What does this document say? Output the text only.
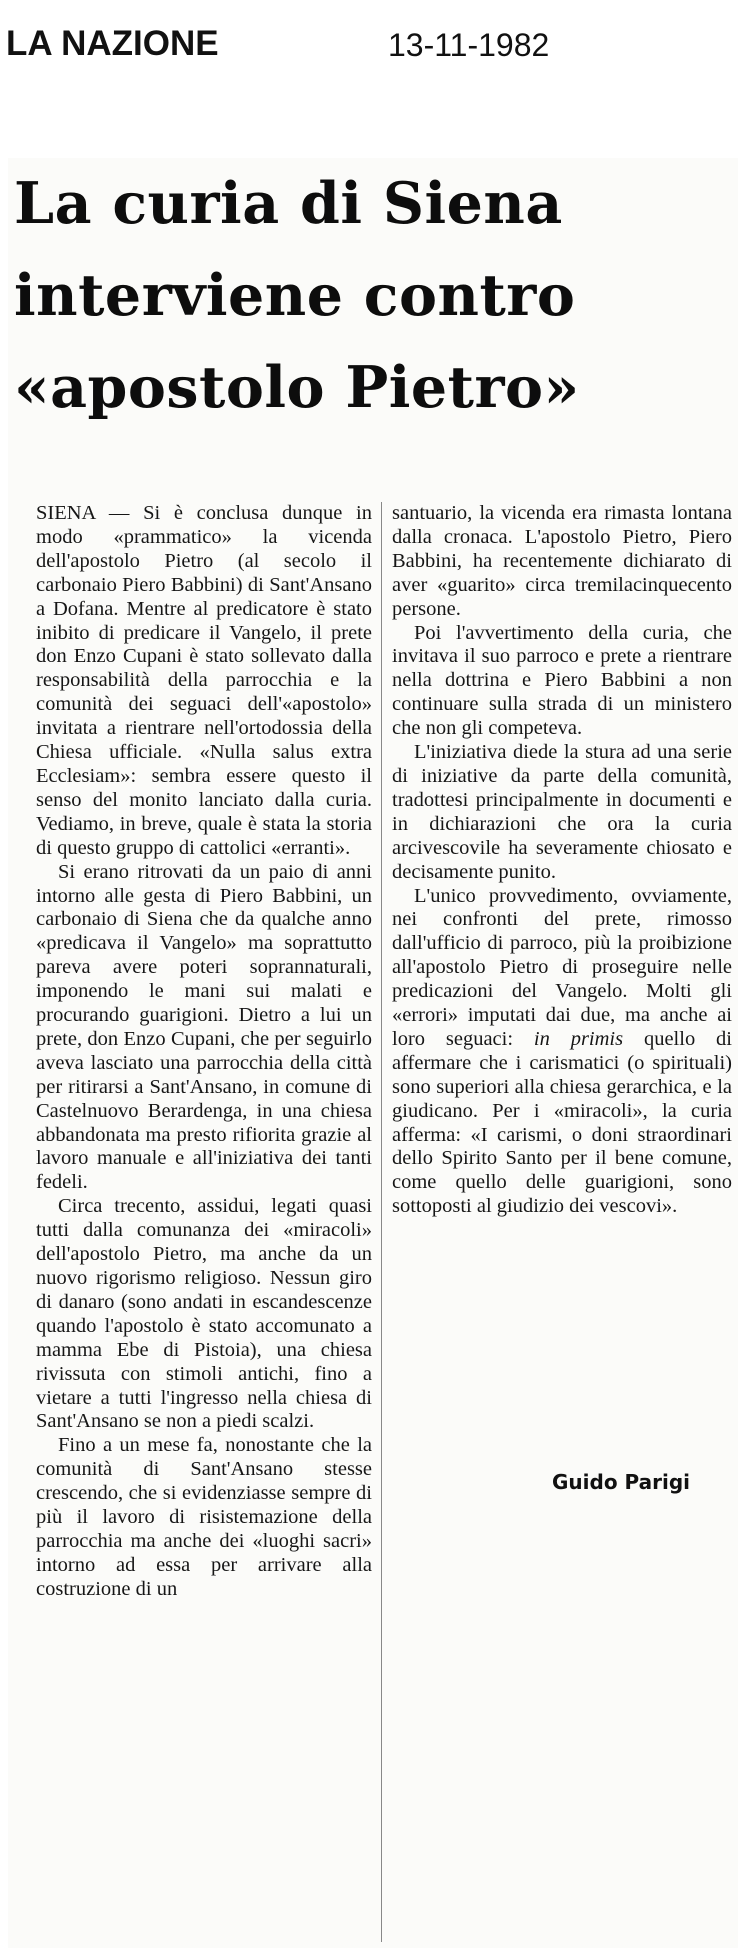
LA NAZIONE	13-11-1982
La curia di Siena
interviene contro
«apostolo Pietro»

SIENA — Si è conclusa dunque in modo «prammatico» la vicenda dell'apostolo Pietro (al secolo il carbonaio Piero Babbini) di Sant'Ansano a Dofana. Mentre al predicatore è stato inibito di predicare il Vangelo, il prete don Enzo Cupani è stato sollevato dalla responsabilità della parrocchia e la comunità dei seguaci dell'«apostolo» invitata a rientrare nell'ortodossia della Chiesa ufficiale. «Nulla salus extra Ecclesiam»: sembra essere questo il senso del monito lanciato dalla curia. Vediamo, in breve, quale è stata la storia di questo gruppo di cattolici «erranti».

Si erano ritrovati da un paio di anni intorno alle gesta di Piero Babbini, un carbonaio di Siena che da qualche anno «predicava il Vangelo» ma soprattutto pareva avere poteri soprannaturali, imponendo le mani sui malati e procurando guarigioni. Dietro a lui un prete, don Enzo Cupani, che per seguirlo aveva lasciato una parrocchia della città per ritirarsi a Sant'Ansano, in comune di Castelnuovo Berardenga, in una chiesa abbandonata ma presto rifiorita grazie al lavoro manuale e all'iniziativa dei tanti fedeli.

Circa trecento, assidui, legati quasi tutti dalla comunanza dei «miracoli» dell'apostolo Pietro, ma anche da un nuovo rigorismo religioso. Nessun giro di danaro (sono andati in escandescenze quando l'apostolo è stato accomunato a mamma Ebe di Pistoia), una chiesa rivissuta con stimoli antichi, fino a vietare a tutti l'ingresso nella chiesa di Sant'Ansano se non a piedi scalzi.

Fino a un mese fa, nonostante che la comunità di Sant'Ansano stesse crescendo, che si evidenziasse sempre di più il lavoro di risistemazione della parrocchia ma anche dei «luoghi sacri» intorno ad essa per arrivare alla costruzione di un

santuario, la vicenda era rimasta lontana dalla cronaca. L'apostolo Pietro, Piero Babbini, ha recentemente dichiarato di aver «guarito» circa tremilacinquecento persone.

Poi l'avvertimento della curia, che invitava il suo parroco e prete a rientrare nella dottrina e Piero Babbini a non continuare sulla strada di un ministero che non gli competeva.

L'iniziativa diede la stura ad una serie di iniziative da parte della comunità, tradottesi principalmente in documenti e in dichiarazioni che ora la curia arcivescovile ha severamente chiosato e decisamente punito.

L'unico provvedimento, ovviamente, nei confronti del prete, rimosso dall'ufficio di parroco, più la proibizione all'apostolo Pietro di proseguire nelle predicazioni del Vangelo. Molti gli «errori» imputati dai due, ma anche ai loro seguaci: in primis quello di affermare che i carismatici (o spirituali) sono superiori alla chiesa gerarchica, e la giudicano. Per i «miracoli», la curia afferma: «I carismi, o doni straordinari dello Spirito Santo per il bene comune, come quello delle guarigioni, sono sottoposti al giudizio dei vescovi».

Guido Parigi
